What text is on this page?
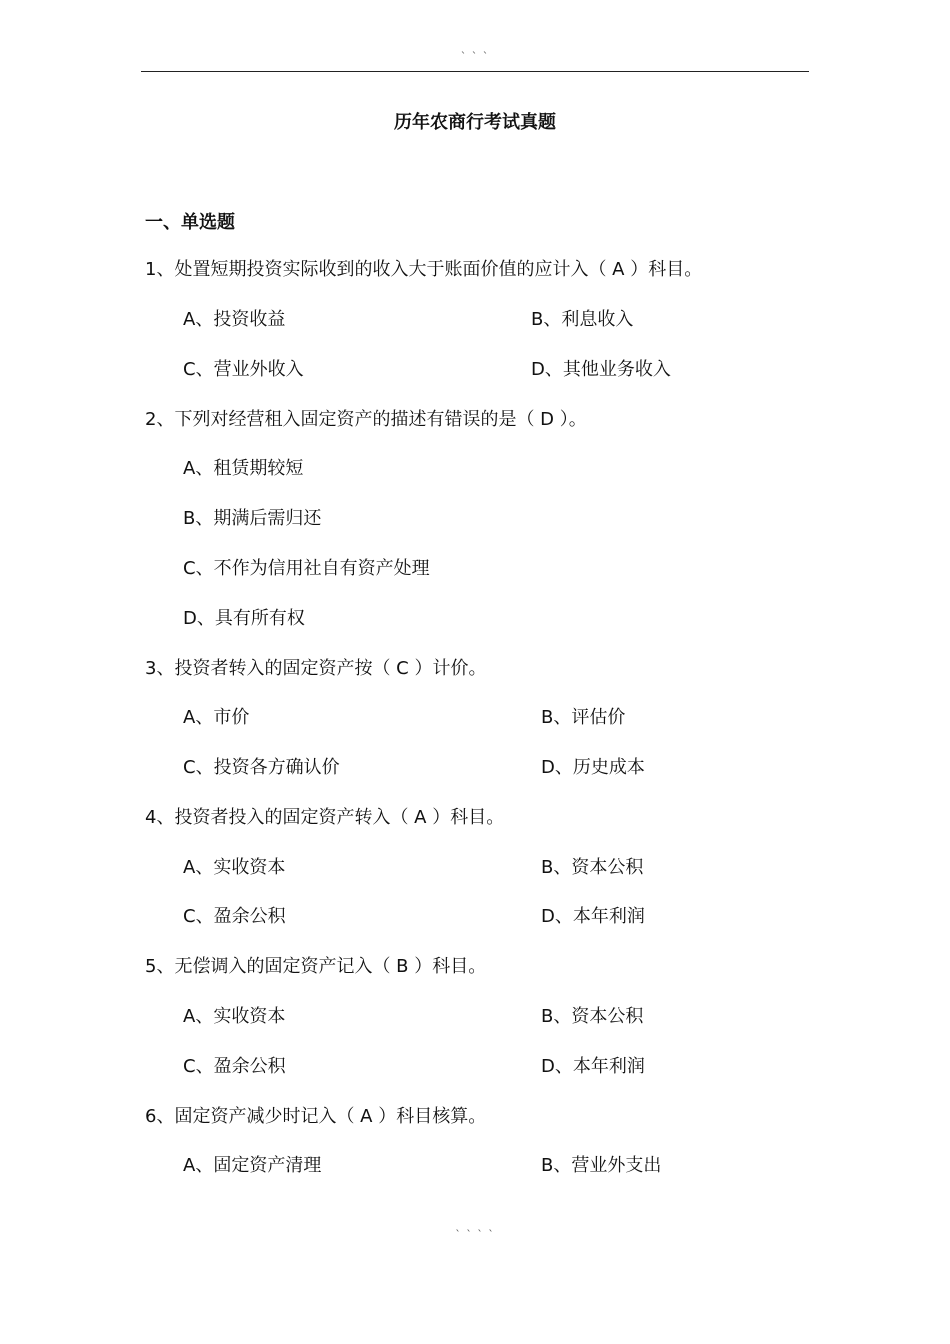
` ` `
历年农商行考试真题
一、单选题
1、处置短期投资实际收到的收入大于账面价值的应计入（ A ）科目。
A、投资收益	B、利息收入
C、营业外收入	D、其他业务收入
2、下列对经营租入固定资产的描述有错误的是（ D ）。
A、租赁期较短
B、期满后需归还
C、不作为信用社自有资产处理
D、具有所有权
3、投资者转入的固定资产按（ C ）计价。
A、市价	B、评估价
C、投资各方确认价	D、历史成本
4、投资者投入的固定资产转入（ A ）科目。
A、实收资本	B、资本公积
C、盈余公积	D、本年利润
5、无偿调入的固定资产记入（ B ）科目。
A、实收资本	B、资本公积
C、盈余公积	D、本年利润
6、固定资产减少时记入（ A ）科目核算。
A、固定资产清理	B、营业外支出
` ` ` `
